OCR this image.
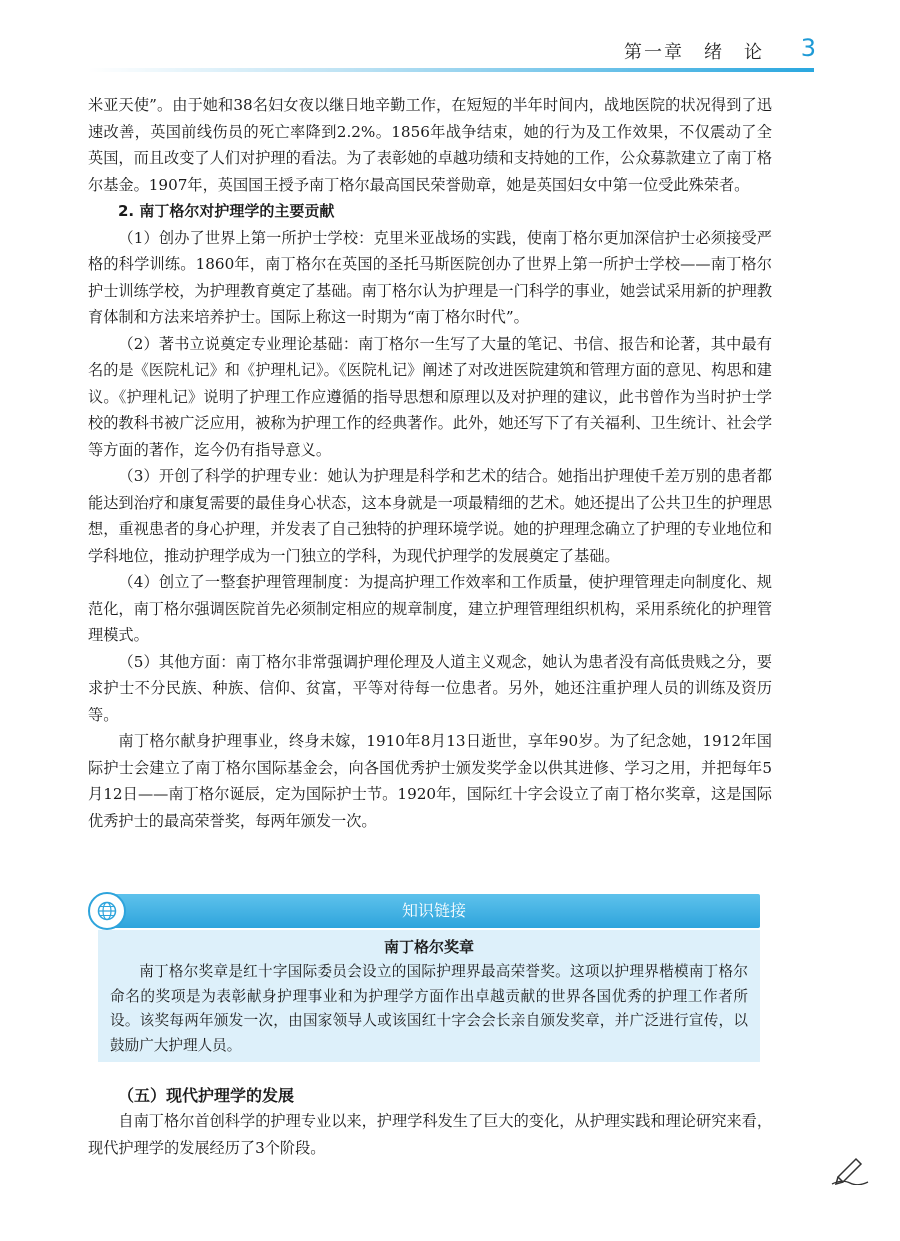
第一章　绪　论 3

米亚天使”。由于她和38名妇女夜以继日地辛勤工作，在短短的半年时间内，战地医院的状况得到了迅速改善，英国前线伤员的死亡率降到2.2%。1856年战争结束，她的行为及工作效果，不仅震动了全英国，而且改变了人们对护理的看法。为了表彰她的卓越功绩和支持她的工作，公众募款建立了南丁格尔基金。1907年，英国国王授予南丁格尔最高国民荣誉勋章，她是英国妇女中第一位受此殊荣者。

2. 南丁格尔对护理学的主要贡献

（1）创办了世界上第一所护士学校：克里米亚战场的实践，使南丁格尔更加深信护士必须接受严格的科学训练。1860年，南丁格尔在英国的圣托马斯医院创办了世界上第一所护士学校——南丁格尔护士训练学校，为护理教育奠定了基础。南丁格尔认为护理是一门科学的事业，她尝试采用新的护理教育体制和方法来培养护士。国际上称这一时期为“南丁格尔时代”。

（2）著书立说奠定专业理论基础：南丁格尔一生写了大量的笔记、书信、报告和论著，其中最有名的是《医院札记》和《护理札记》。《医院札记》阐述了对改进医院建筑和管理方面的意见、构思和建议。《护理札记》说明了护理工作应遵循的指导思想和原理以及对护理的建议，此书曾作为当时护士学校的教科书被广泛应用，被称为护理工作的经典著作。此外，她还写下了有关福利、卫生统计、社会学等方面的著作，迄今仍有指导意义。

（3）开创了科学的护理专业：她认为护理是科学和艺术的结合。她指出护理使千差万别的患者都能达到治疗和康复需要的最佳身心状态，这本身就是一项最精细的艺术。她还提出了公共卫生的护理思想，重视患者的身心护理，并发表了自己独特的护理环境学说。她的护理理念确立了护理的专业地位和学科地位，推动护理学成为一门独立的学科，为现代护理学的发展奠定了基础。

（4）创立了一整套护理管理制度：为提高护理工作效率和工作质量，使护理管理走向制度化、规范化，南丁格尔强调医院首先必须制定相应的规章制度，建立护理管理组织机构，采用系统化的护理管理模式。

（5）其他方面：南丁格尔非常强调护理伦理及人道主义观念，她认为患者没有高低贵贱之分，要求护士不分民族、种族、信仰、贫富，平等对待每一位患者。另外，她还注重护理人员的训练及资历等。

南丁格尔献身护理事业，终身未嫁，1910年8月13日逝世，享年90岁。为了纪念她，1912年国际护士会建立了南丁格尔国际基金会，向各国优秀护士颁发奖学金以供其进修、学习之用，并把每年5月12日——南丁格尔诞辰，定为国际护士节。1920年，国际红十字会设立了南丁格尔奖章，这是国际优秀护士的最高荣誉奖，每两年颁发一次。

知识链接
南丁格尔奖章
南丁格尔奖章是红十字国际委员会设立的国际护理界最高荣誉奖。这项以护理界楷模南丁格尔命名的奖项是为表彰献身护理事业和为护理学方面作出卓越贡献的世界各国优秀的护理工作者所设。该奖每两年颁发一次，由国家领导人或该国红十字会会长亲自颁发奖章，并广泛进行宣传，以鼓励广大护理人员。
（五）现代护理学的发展
自南丁格尔首创科学的护理专业以来，护理学科发生了巨大的变化，从护理实践和理论研究来看，现代护理学的发展经历了3个阶段。
